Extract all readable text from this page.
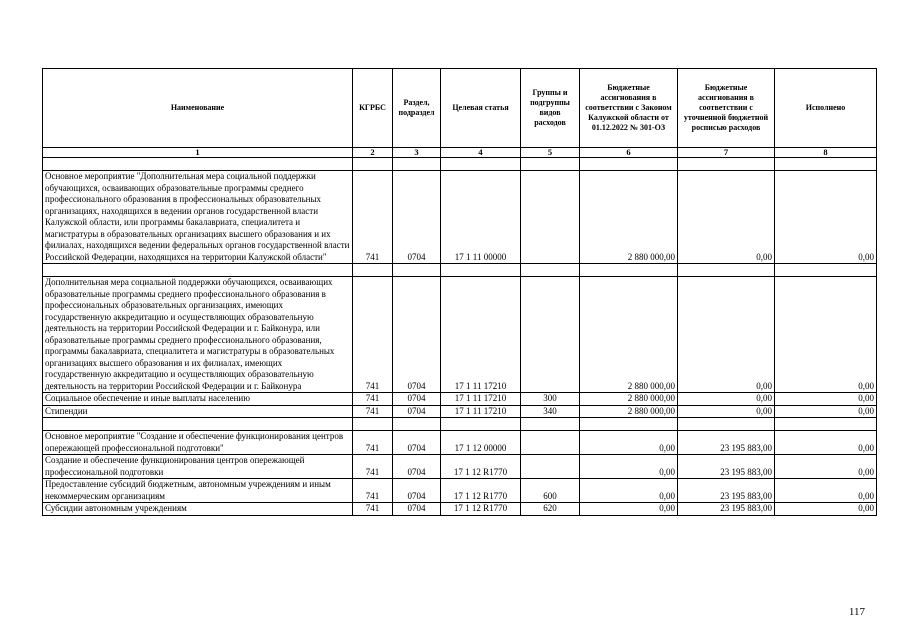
Наименование	КГРБС	Раздел, подраздел	Целевая статья	Группы и подгруппы видов расходов	Бюджетные ассигнования в соответствии с Законом Калужской области от 01.12.2022 № 301-ОЗ	Бюджетные ассигнования в соответствии с уточненной бюджетной росписью расходов	Исполнено
1	2	3	4	5	6	7	8

Основное мероприятие "Дополнительная мера социальной поддержки обучающихся, осваивающих образовательные программы среднего профессионального образования в профессиональных образовательных организациях, находящихся в ведении органов государственной власти Калужской области, или программы бакалавриата, специалитета и магистратуры в образовательных организациях высшего образования и их филиалах, находящихся ведении федеральных органов государственной власти Российской Федерации, находящихся на территории Калужской области"	741	0704	17 1 11 00000		2 880 000,00	0,00	0,00

Дополнительная мера социальной поддержки обучающихся, осваивающих образовательные программы среднего профессионального образования в профессиональных образовательных организациях, имеющих государственную аккредитацию и осуществляющих образовательную деятельность на территории Российской Федерации и г. Байконура, или образовательные программы среднего профессионального образования, программы бакалавриата, специалитета и магистратуры в образовательных организациях высшего образования и их филиалах, имеющих государственную аккредитацию и осуществляющих образовательную деятельность на территории Российской Федерации и г. Байконура	741	0704	17 1 11 17210		2 880 000,00	0,00	0,00
Социальное обеспечение и иные выплаты населению	741	0704	17 1 11 17210	300	2 880 000,00	0,00	0,00
Стипендии	741	0704	17 1 11 17210	340	2 880 000,00	0,00	0,00

Основное мероприятие "Создание и обеспечение функционирования центров опережающей профессиональной подготовки"	741	0704	17 1 12 00000		0,00	23 195 883,00	0,00
Создание и обеспечение функционирования центров опережающей профессиональной подготовки	741	0704	17 1 12 R1770		0,00	23 195 883,00	0,00
Предоставление субсидий бюджетным, автономным учреждениям и иным некоммерческим организациям	741	0704	17 1 12 R1770	600	0,00	23 195 883,00	0,00
Субсидии автономным учреждениям	741	0704	17 1 12 R1770	620	0,00	23 195 883,00	0,00
117
